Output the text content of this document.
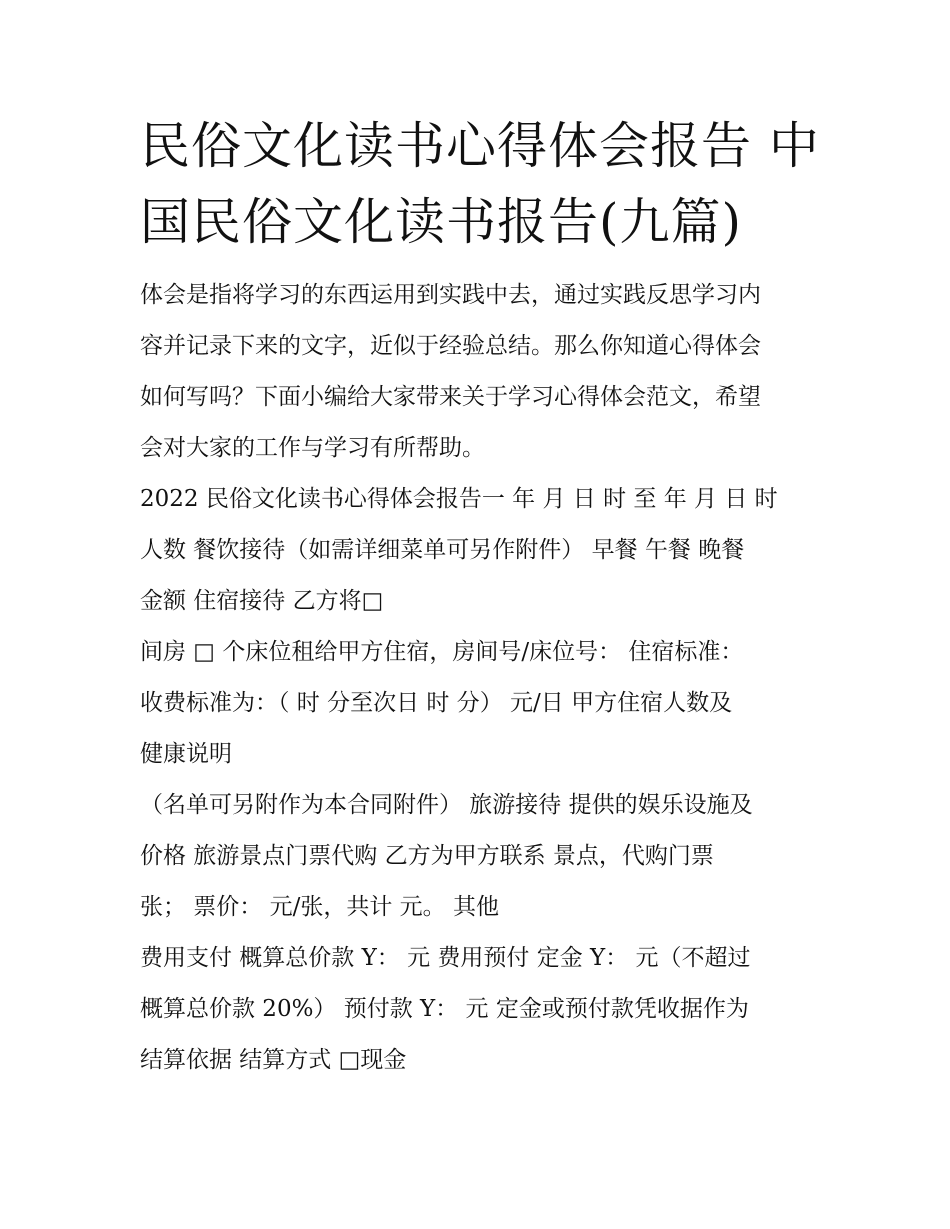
民俗文化读书心得体会报告 中
国民俗文化读书报告(九篇)
体会是指将学习的东西运用到实践中去，通过实践反思学习内
容并记录下来的文字，近似于经验总结。那么你知道心得体会
如何写吗？下面小编给大家带来关于学习心得体会范文，希望
会对大家的工作与学习有所帮助。
2022 民俗文化读书心得体会报告一 年 月 日 时 至 年 月 日 时
人数 餐饮接待（如需详细菜单可另作附件） 早餐 午餐 晚餐
金额 住宿接待 乙方将□
间房 □ 个床位租给甲方住宿，房间号/床位号： 住宿标准：
收费标准为：（ 时 分至次日 时 分） 元/日 甲方住宿人数及
健康说明
（名单可另附作为本合同附件） 旅游接待 提供的娱乐设施及
价格 旅游景点门票代购 乙方为甲方联系 景点，代购门票
张； 票价： 元/张，共计 元。 其他
费用支付 概算总价款 Y： 元 费用预付 定金 Y： 元（不超过
概算总价款 20%） 预付款 Y： 元 定金或预付款凭收据作为
结算依据 结算方式 □现金
